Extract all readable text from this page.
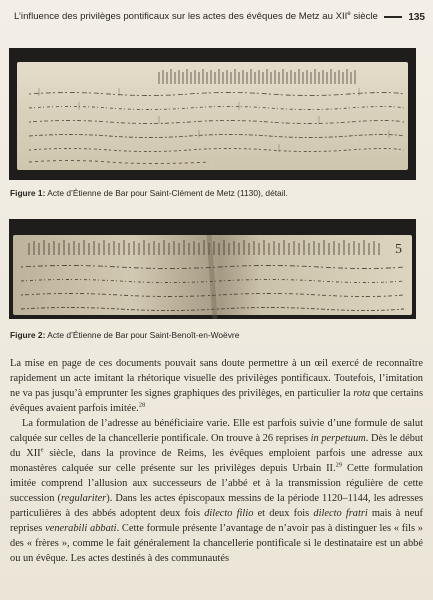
L’influence des privilèges pontificaux sur les actes des évêques de Metz au XIIe siècle	135
Figure 1: Acte d’Étienne de Bar pour Saint-Clément de Metz (1130), détail.
5
Figure 2: Acte d’Étienne de Bar pour Saint-Benoît-en-Woëvre

La mise en page de ces documents pouvait sans doute permettre à un œil exercé de reconnaître rapidement un acte imitant la rhétorique visuelle des privilèges pontificaux. Toutefois, l’imitation ne va pas jusqu’à emprunter les signes graphiques des privilèges, en particulier la rota que certains évêques avaient parfois imitée.$^{28}$

La formulation de l’adresse au bénéficiaire varie. Elle est parfois suivie d’une formule de salut calquée sur celles de la chancellerie pontificale. On trouve à 26 reprises in perpetuum. Dès le début du XIIe siècle, dans la province de Reims, les évêques emploient parfois une adresse aux monastères calquée sur celle présente sur les privilèges depuis Urbain II.$^{29}$ Cette formulation imitée comprend l’allusion aux successeurs de l’abbé et à la transmission régulière de cette succession (regulariter). Dans les actes épiscopaux messins de la période 1120–1144, les adresses particulières à des abbés adoptent deux fois dilecto filio et deux fois dilecto fratri mais à neuf reprises venerabili abbati. Cette formule présente l’avantage de n’avoir pas à distinguer les « fils » des « frères », comme le fait généralement la chancellerie pontificale si le destinataire est un abbé ou un évêque. Les actes destinés à des communautés
